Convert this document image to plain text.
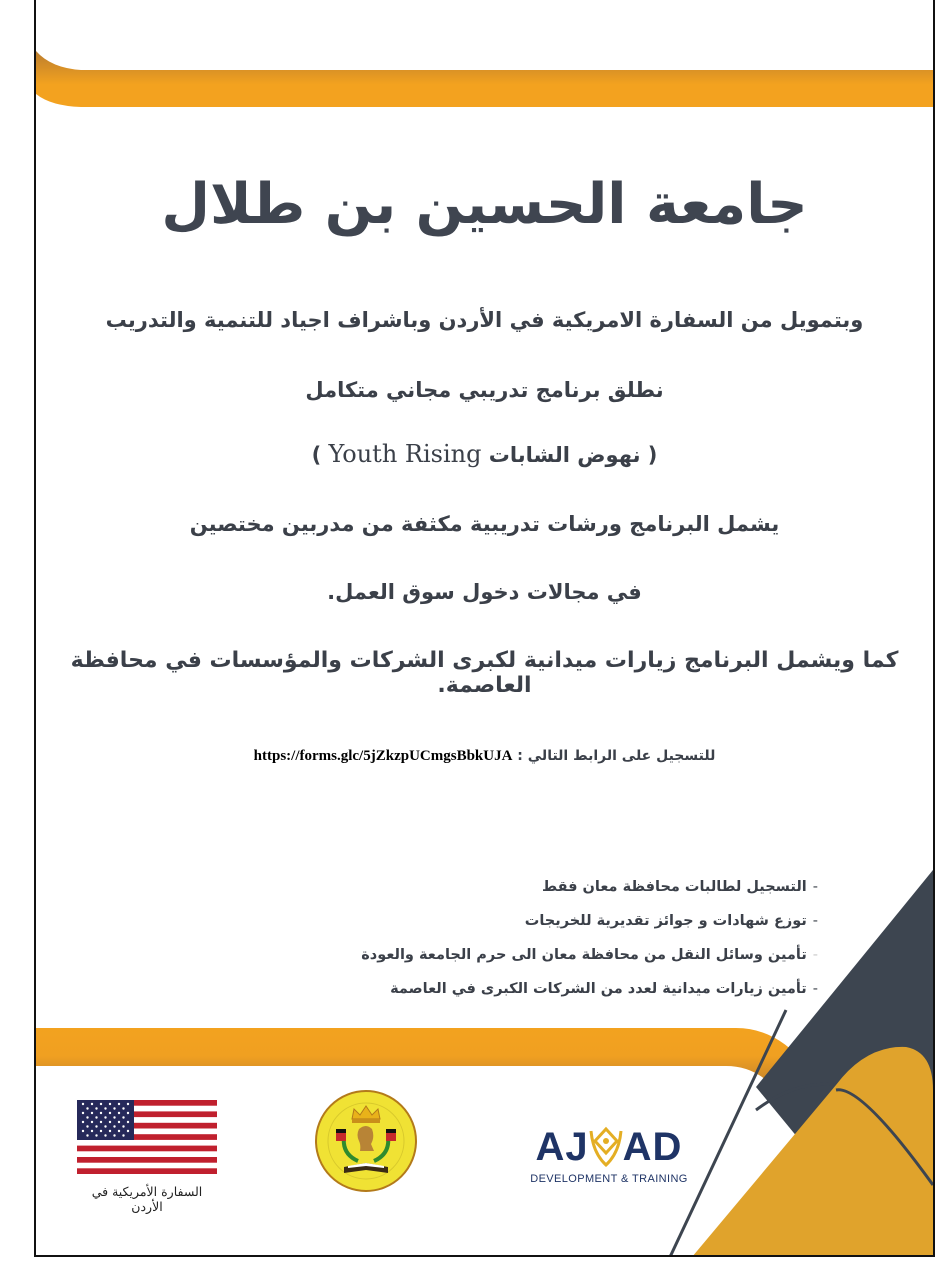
جامعة الحسين بن طلال
وبتمويل من السفارة الامريكية في الأردن وباشراف اجياد للتنمية والتدريب
نطلق برنامج تدريبي مجاني متكامل
( نهوض الشابات Youth Rising )
يشمل البرنامج ورشات تدريبية مكثفة من مدربين مختصين
في مجالات دخول سوق العمل.
كما ويشمل البرنامج زيارات ميدانية لكبرى الشركات والمؤسسات في محافظة العاصمة.
للتسجيل على الرابط التالي : https://forms.glc/5jZkzpUCmgsBbkUJA
-التسجيل لطالبات محافظة معان فقط
-توزع شهادات و جوائز تقديرية للخريجات
-تأمين وسائل النقل من محافظة معان الى حرم الجامعة والعودة
-تأمين زيارات ميدانية لعدد من الشركات الكبرى في العاصمة
السفارة الأمريكية في الأردن
AJ AD
DEVELOPMENT & TRAINING
